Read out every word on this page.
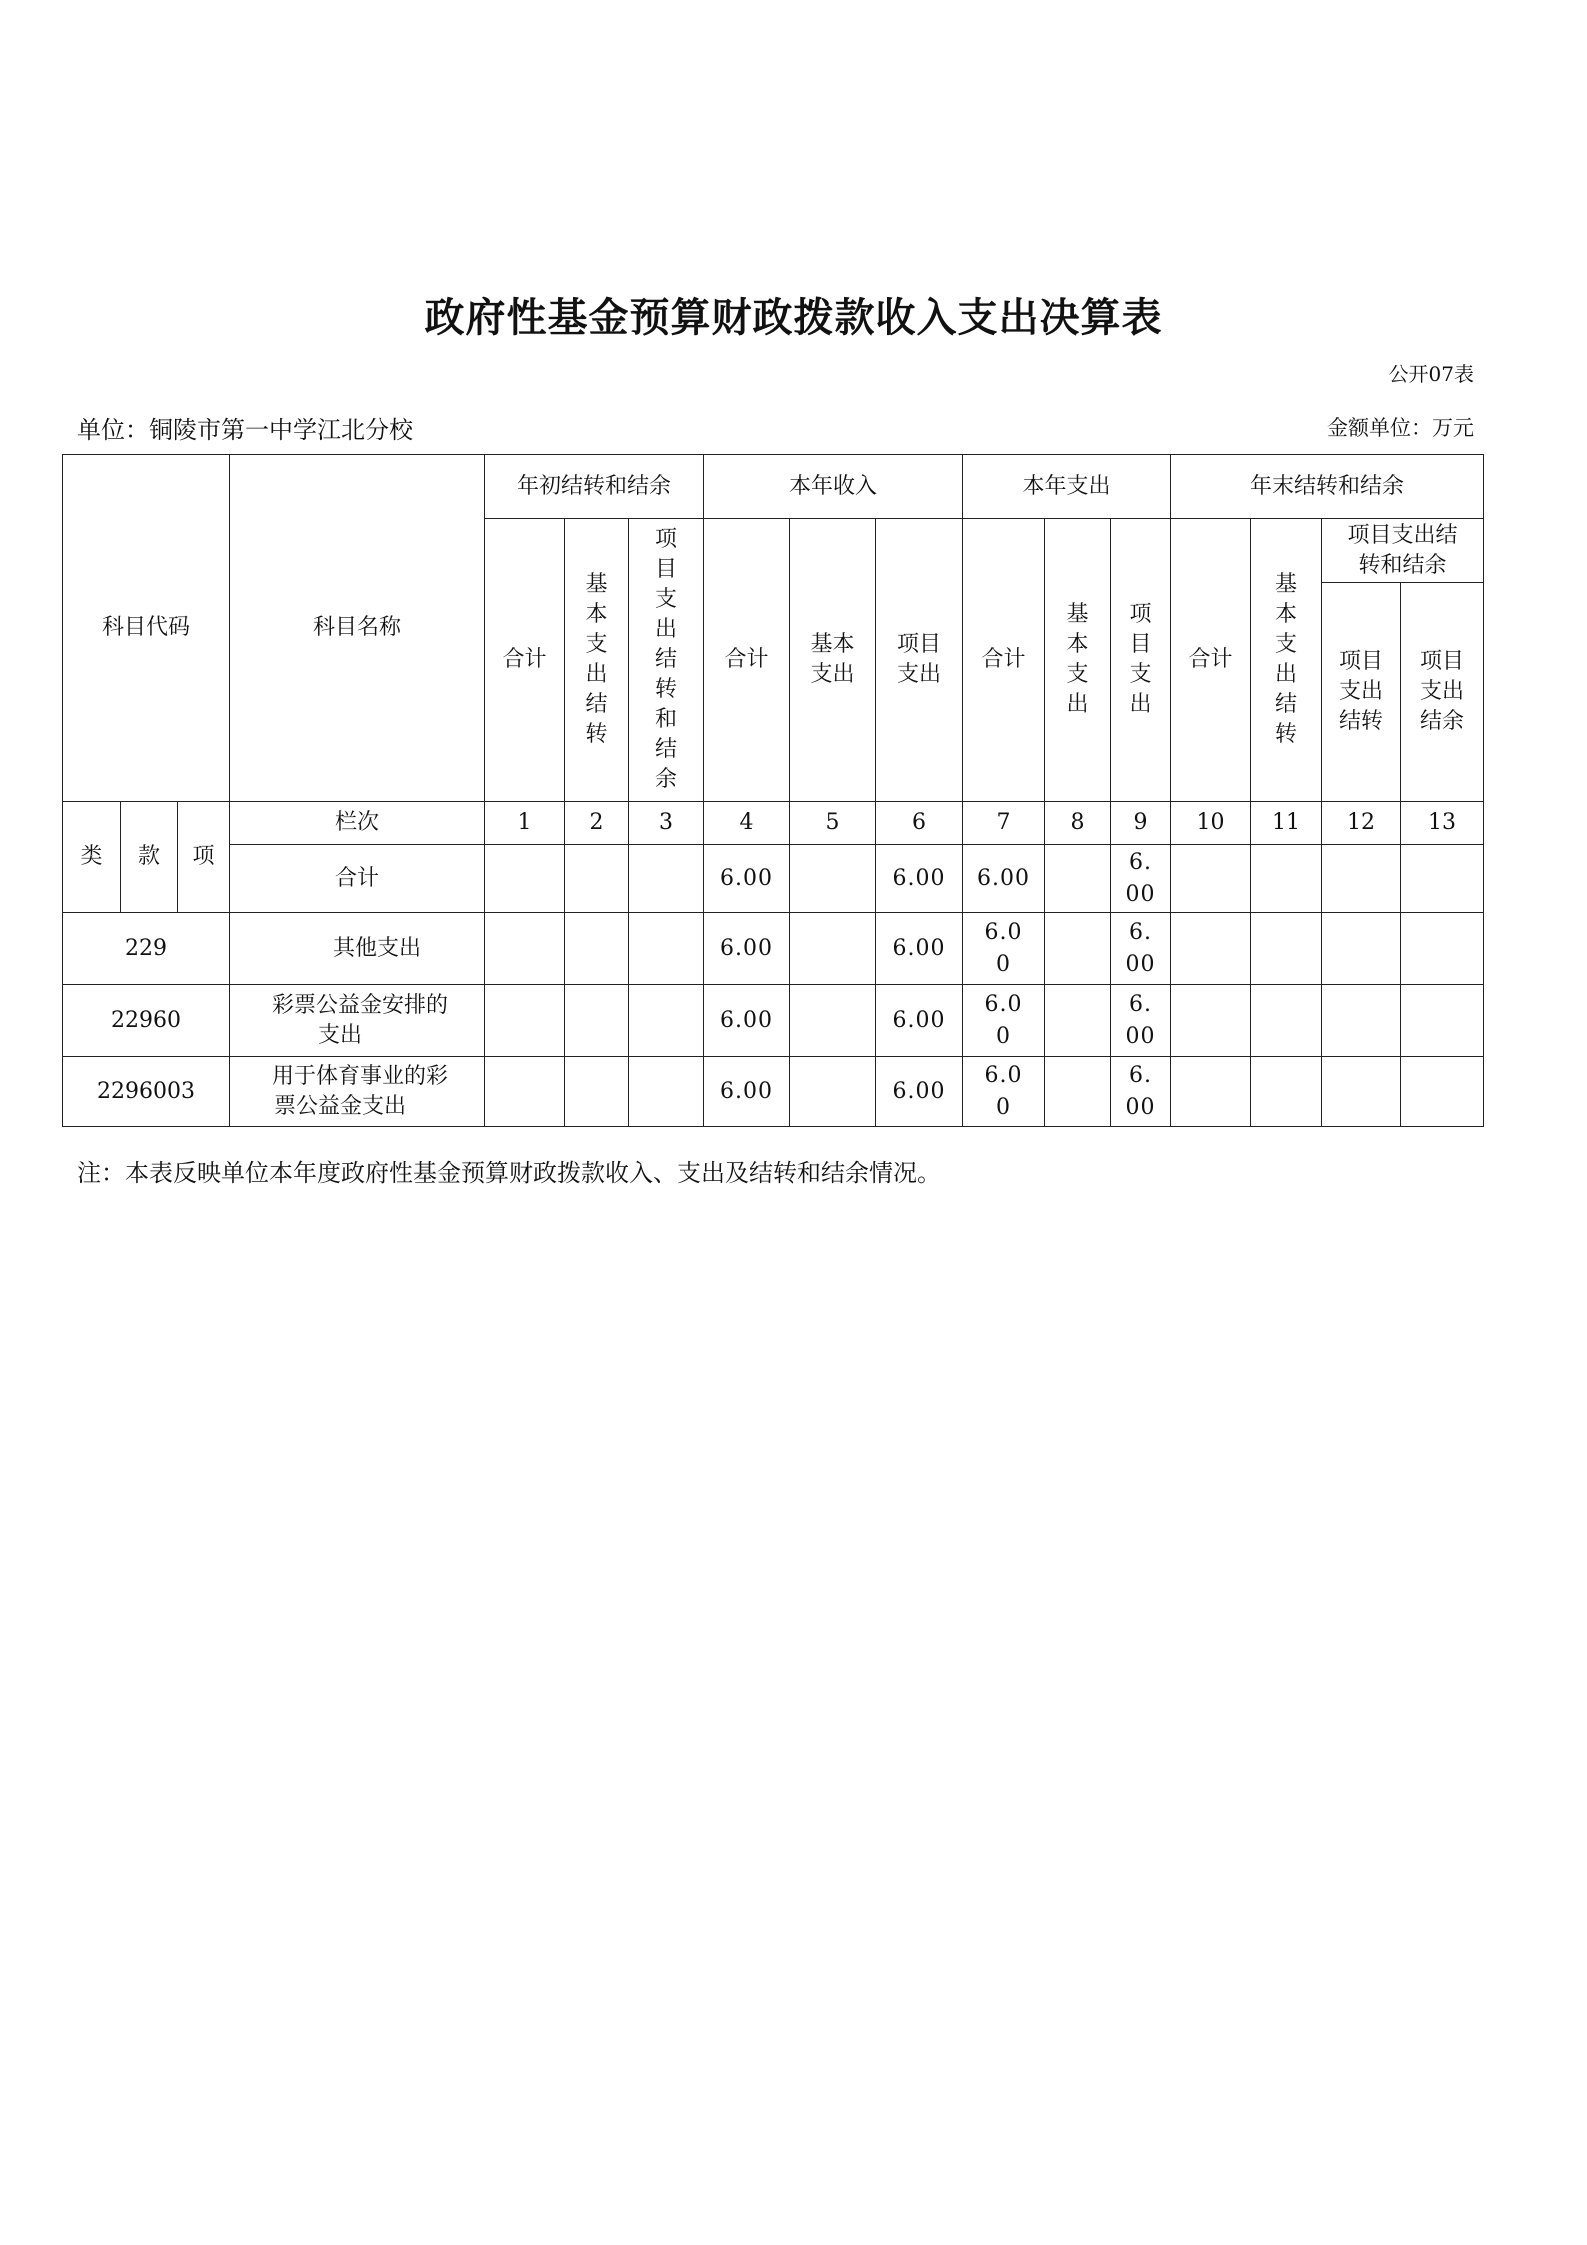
政府性基金预算财政拨款收入支出决算表
公开07表
单位：铜陵市第一中学江北分校	金额单位：万元
科目代码			科目名称	年初结转和结余			本年收入			本年支出			年末结转和结余			
				合计	基本支出结转	项目支出结转和结余	合计	基本支出	项目支出	合计	基本支出	项目支出	合计	基本支出结转	项目支出结转和结余	

															项目支出结转	项目支出结余

类	款	项	栏次	1	2	3	4	5	6	7	8	9	10	11	12	13
			合计				6.00		6.00	6.00		6.00				

229			其他支出				6.00		6.00	6.00		6.00				

22960			彩票公益金安排的支出				6.00		6.00	6.00		6.00				

2296003			用于体育事业的彩票公益金支出				6.00		6.00	6.00		6.00				

注：本表反映单位本年度政府性基金预算财政拨款收入、支出及结转和结余情况。
